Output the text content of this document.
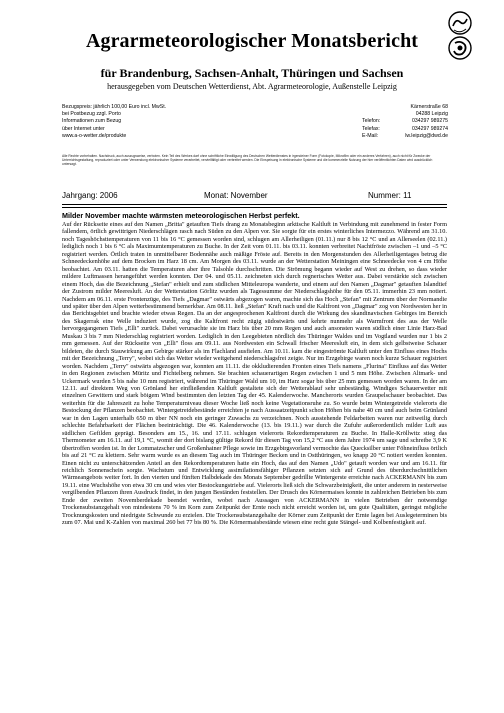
Agrarmeteorologischer Monatsbericht
für Brandenburg, Sachsen-Anhalt, Thüringen und Sachsen
herausgegeben vom Deutschen Wetterdienst, Abt. Agrarmeteorologie, Außenstelle Leipzig
Bezugspreis: jährlich 100,00 Euro incl. MwSt.
bei Postbezug zzgl. Porto
Informationen zum Bezug
über Internet unter
www.a-o-wetter.de/produkte
Kärnerstraße 68
04288 Leipzig
Telefon:	034297 989275
Telefax:	034297 989274
E-Mail:	lw.leipzig@dwd.de
Alle Rechte vorbehalten. Nachdruck, auch auszugsweise, verboten. Kein Teil des Werkes darf ohne schriftliche Einwilligung des Deutschen Wetterdienstes in irgendeiner Form (Fotokopie, Mikrofilm oder ein anderes Verfahren), auch nicht für Zwecke der Unterrichtsgestaltung, reproduziert oder unter Verwendung elektronischer Systeme verarbeitet, vervielfältigt oder verbreitet werden. Die Einspeisung in elektronische Systeme und die kommerzielle Nutzung der hier veröffentlichten Daten wird ausdrücklich untersagt.
Jahrgang: 2006	Monat: November	Nummer: 11
Milder November machte wärmsten meteorologischen Herbst perfekt.
Auf der Rückseite eines auf den Namen „Britta" getauften Tiefs drang zu Monatsbeginn arktische Kaltluft in Verbindung mit zunehmend in fester Form fallendem, örtlich gewittrigen Niederschlägen rasch nach Süden zu den Alpen vor. Sie sorgte für ein erstes winterliches Intermezzo. Während am 31.10. noch Tageshöchsttemperaturen von 11 bis 16 °C gemessen worden sind, schlugen am Allerheiligen (01.11.) nur 8 bis 12 °C und an Allerseelen (02.11.) lediglich noch 1 bis 6 °C als Maximumtemperaturen zu Buche. In der Zeit vom 01.11. bis 03.11. konnten verbreitet Nachtfröste zwischen –1 und –5 °C registriert werden. Örtlich traten in unmittelbarer Bodennähe auch mäßige Fröste auf. Bereits in den Morgenstunden des Allerheiligentages betrug die Schneedeckenhöhe auf dem Brocken im Harz 18 cm. Am Morgen des 03.11. wurde an der Wetterstation Meiningen eine Schneedecke von 4 cm Höhe beobachtet. Am 03.11. hatten die Temperaturen aber ihre Talsohle durchschritten. Die Strömung begann wieder auf West zu drehen, so dass wieder mildere Luftmassen herangeführt werden konnten. Der 04. und 05.11. zeichneten sich durch regnerisches Wetter aus. Dabei verstärkte sich zwischen einem Hoch, das die Bezeichnung „Stefan" erhielt und zum südlichen Mitteleuropa wanderte, und einem auf den Namen „Dagmar" getauften Islandtief der Zustrom milder Meeresluft. An der Wetterstation Görlitz wurden als Tagessumme der Niederschlagshöhe für den 05.11. immerhin 23 mm notiert. Nachdem am 06.11. erste Frontenzüge, des Tiefs „Dagmar" ostwärts abgezogen waren, machte sich das Hoch „Stefan" mit Zentrum über der Normandie und später über den Alpen wetterbestimmend bemerkbar. Am 08.11. ließ „Stefan" Kraft nach und die Kaltfront von „Dagmar" zog von Nordwesten her in das Berichtsgebiet und brachte wieder etwas Regen. Da an der angesprochenen Kaltfront durch die Wirkung des skandinavischen Gebirges im Bereich des Skagerrak eine Welle induziert wurde, zog die Kaltfront recht zügig südostwärts und kehrte nunmehr als Warmfront des aus der Welle hervorgegangenen Tiefs „Elli" zurück. Dabei verursachte sie im Harz bis über 20 mm Regen und auch ansonsten waren südlich einer Linie Harz-Bad Muskau 3 bis 7 mm Niederschlag registriert worden. Lediglich in den Leegebieten nördlich des Thüringer Waldes und im Vogtland wurden nur 1 bis 2 mm gemessen. Auf der Rückseite von „Elli" floss am 09.11. aus Nordwesten ein Schwall frischer Meeresluft ein, in dem sich gelbstweise Schauer bildeten, die durch Stauwirkung am Gebirge stärker als im Flachland ausfielen. Am 10.11. kam die eingeströmte Kaltluft unter den Einfluss eines Hochs mit der Bezeichnung „Terry", wobei sich das Wetter wieder weitgehend niederschlagsfrei zeigte. Nur im Erzgebirge waren noch kurze Schauer registriert worden. Nachdem „Terry" ostwärts abgezogen war, konnten am 11.11. die okkludierenden Fronten eines Tiefs namens „Flurina" Einfluss auf das Wetter in den Regionen zwischen Müritz und Fichtelberg nehmen. Sie brachten schauerartigen Regen zwischen 1 und 5 mm Höhe. Zwischen Altmark- und Uckermark wurden 5 bis nahe 10 mm registriert, während im Thüringer Wald um 10, im Harz sogar bis über 25 mm gemessen worden waren. In der am 12.11. auf direktem Weg von Grönland her einfließenden Kaltluft gestaltete sich der Wetterablauf sehr unbeständig. Windiges Schauerwetter mit einzelnen Gewittern und stark böigem Wind bestimmten den letzten Tag der 45. Kalenderwoche. Mancherorts wurden Graupelschauer beobachtet. Das weiterhin für die Jahreszeit zu hohe Temperaturniveau dieser Woche ließ noch keine Vegetationsruhe zu. So wurde beim Wintergetreide vielerorts die Bestockung der Pflanzen beobachtet. Wintergetreidebestände erreichten je nach Aussaatzeitpunkt schon Höhen bis nahe 40 cm und auch beim Grünland war in den Lagen unterhalb 650 m über NN noch ein geringer Zuwachs zu verzeichnen. Noch ausstehende Feldarbeiten waren nur zeitweilig durch schlechte Befahrbarkeit der Flächen beeinträchtigt. Die 46. Kalenderwoche (13. bis 19.11.) war durch die Zufuhr außerordentlich milder Luft aus südlichen Gefilden geprägt. Besonders am 15., 16. und 17.11. schlugen vielerorts Rekordtemperaturen zu Buche. In Halle-Kröllwitz stieg das Thermometer am 16.11. auf 19,1 °C, womit der dort bislang gültige Rekord für diesen Tag von 15,2 °C aus dem Jahre 1974 um sage und schreibe 3,9 K übertroffen worden ist. In der Lommatzscher und Großenhainer Pflege sowie im Erzgebirgsvorland vermochte das Quecksilber unter Föhneinfluss örtlich bis auf 21 °C zu klettern. Sehr warm wurde es an diesem Tag auch im Thüringer Becken und in Ostthüringen, wo knapp 20 °C notiert werden konnten. Einen nicht zu unterschätzenden Anteil an den Rekordtemperaturen hatte ein Hoch, das auf den Namen „Udo" getauft worden war und am 16.11. für reichlich Sonnenschein sorgte. Wachstum und Entwicklung assimilationsfähiger Pflanzen setzten sich auf Grund des überdurchschnittlichen Wärmeangebots weiter fort. In den vierten und fünften Halbdekade des Monats September gedrillte Wintergerste erreichte nach ACKERMANN bis zum 19.11. eine Wuchshöhe von etwa 30 cm und wies vier Bestockungstriebe auf. Vielerorts ließ sich die Schwarzbeinigkeit, die unter anderem in nesterweise vergilbenden Pflanzen ihren Ausdruck findet, in den jungen Beständen feststellen. Der Drusch des Körnermaises konnte in zahlreichen Betrieben bis zum Ende der zweiten Novemberdekade beendet werden, wobei nach Aussagen von ACKERMANN in vielen Betrieben der notwendige Trockensubstanzgehalt von mindestens 70 % im Korn zum Zeitpunkt der Ernte noch nicht erreicht worden ist, um gute Qualitäten, geringst mögliche Trocknungskosten und niedrigste Schwunde zu erzielen. Die Trockensubstanzgehalte der Körner zum Zeitpunkt der Ernte lagen bei Auslegeterminen bis zum 07. Mai und K-Zahlen von maximal 260 bei 77 bis 80 %. Die Körnermaisbestände wiesen eine recht gute Stängel- und Kolbenfestigkeit auf.
